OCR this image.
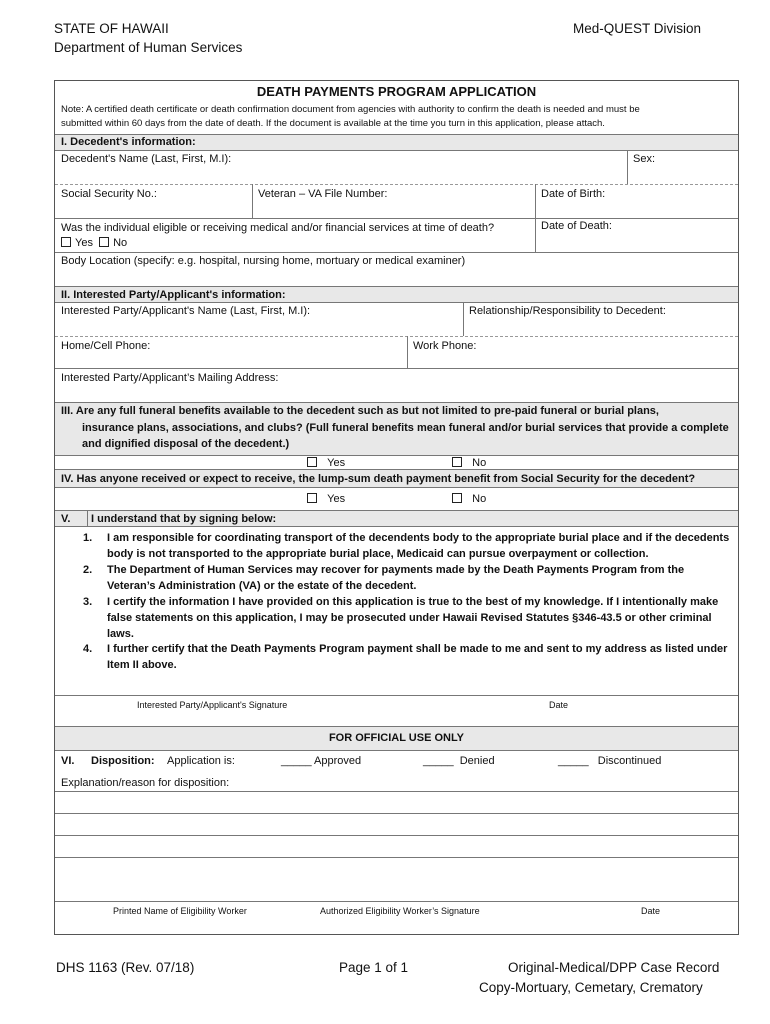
STATE OF HAWAII
Department of Human Services
Med-QUEST Division
DEATH PAYMENTS PROGRAM APPLICATION
Note: A certified death certificate or death confirmation document from agencies with authority to confirm the death is needed and must be
submitted within 60 days from the date of death. If the document is available at the time you turn in this application, please attach.
I. Decedent's information:
Decedent's Name (Last, First, M.I):	Sex:
Social Security No.:	Veteran – VA File Number:	Date of Birth:
Was the individual eligible or receiving medical and/or financial services at time of death?
Yes No
Date of Death:
Body Location (specify: e.g. hospital, nursing home, mortuary or medical examiner)
II. Interested Party/Applicant's information:
Interested Party/Applicant's Name (Last, First, M.I):	Relationship/Responsibility to Decedent:
Home/Cell Phone:	Work Phone:
Interested Party/Applicant’s Mailing Address:
III. Are any full funeral benefits available to the decedent such as but not limited to pre-paid funeral or burial plans,
insurance plans, associations, and clubs? (Full funeral benefits mean funeral and/or burial services that provide a complete
and dignified disposal of the decedent.)
Yes	No
IV. Has anyone received or expect to receive, the lump-sum death payment benefit from Social Security for the decedent?
Yes	No
V. I understand that by signing below:
1. I am responsible for coordinating transport of the decendents body to the appropriate burial place and if the decedents body is not transported to the appropriate burial place, Medicaid can pursue overpayment or collection.
2. The Department of Human Services may recover for payments made by the Death Payments Program from the Veteran’s Administration (VA) or the estate of the decedent.
3. I certify the information I have provided on this application is true to the best of my knowledge. If I intentionally make false statements on this application, I may be prosecuted under Hawaii Revised Statutes §346-43.5 or other criminal laws.
4. I further certify that the Death Payments Program payment shall be made to me and sent to my address as listed under Item II above.
Interested Party/Applicant's Signature	Date
FOR OFFICIAL USE ONLY
VI. Disposition: Application is:	_____ Approved	_____ Denied	_____ Discontinued
Explanation/reason for disposition:
Printed Name of Eligibility Worker	Authorized Eligibility Worker’s Signature	Date
DHS 1163 (Rev. 07/18)	Page 1 of 1	Original-Medical/DPP Case Record
Copy-Mortuary, Cemetary, Crematory
